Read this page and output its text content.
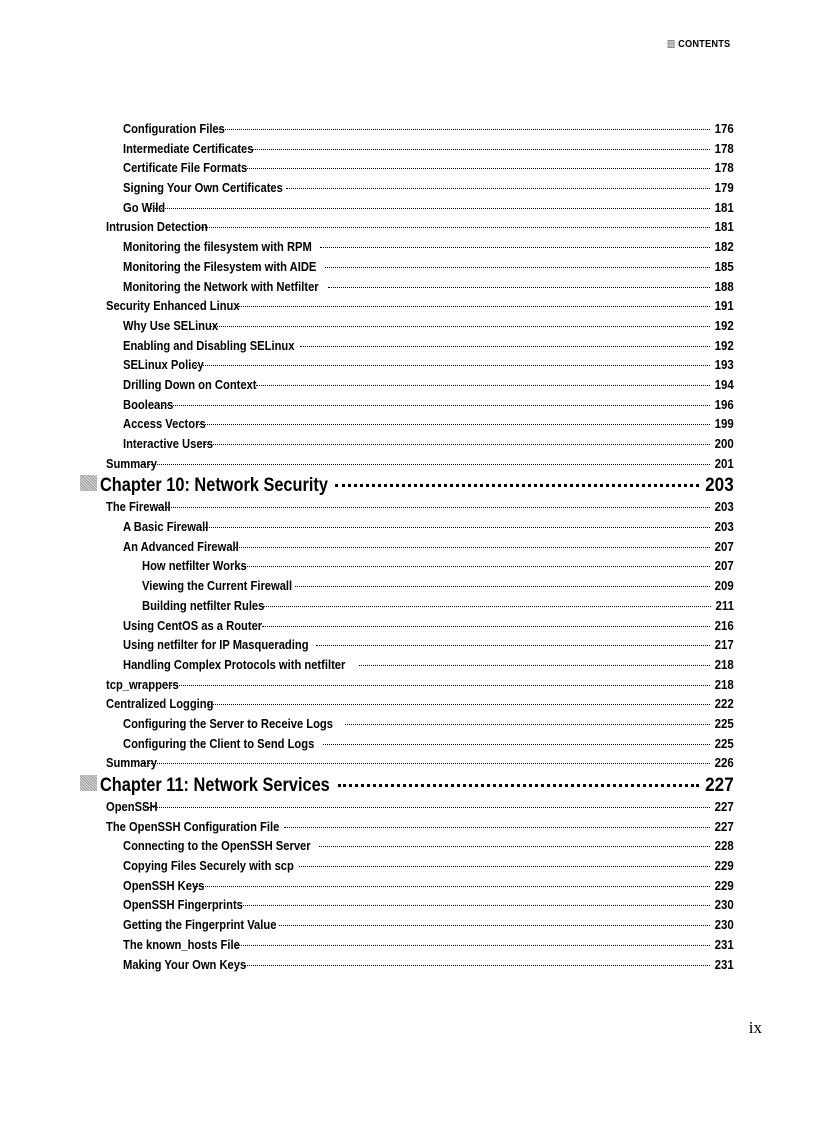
CONTENTS
Configuration Files	176
Intermediate Certificates	178
Certificate File Formats	178
Signing Your Own Certificates	179
Go Wild	181
Intrusion Detection	181
Monitoring the filesystem with RPM	182
Monitoring the Filesystem with AIDE	185
Monitoring the Network with Netfilter	188
Security Enhanced Linux	191
Why Use SELinux	192
Enabling and Disabling SELinux	192
SELinux Policy	193
Drilling Down on Context	194
Booleans	196
Access Vectors	199
Interactive Users	200
Summary	201
Chapter 10: Network Security	203
The Firewall	203
A Basic Firewall	203
An Advanced Firewall	207
How netfilter Works	207
Viewing the Current Firewall	209
Building netfilter Rules	211
Using CentOS as a Router	216
Using netfilter for IP Masquerading	217
Handling Complex Protocols with netfilter	218
tcp_wrappers	218
Centralized Logging	222
Configuring the Server to Receive Logs	225
Configuring the Client to Send Logs	225
Summary	226
Chapter 11: Network Services	227
OpenSSH	227
The OpenSSH Configuration File	227
Connecting to the OpenSSH Server	228
Copying Files Securely with scp	229
OpenSSH Keys	229
OpenSSH Fingerprints	230
Getting the Fingerprint Value	230
The known_hosts File	231
Making Your Own Keys	231
ix
